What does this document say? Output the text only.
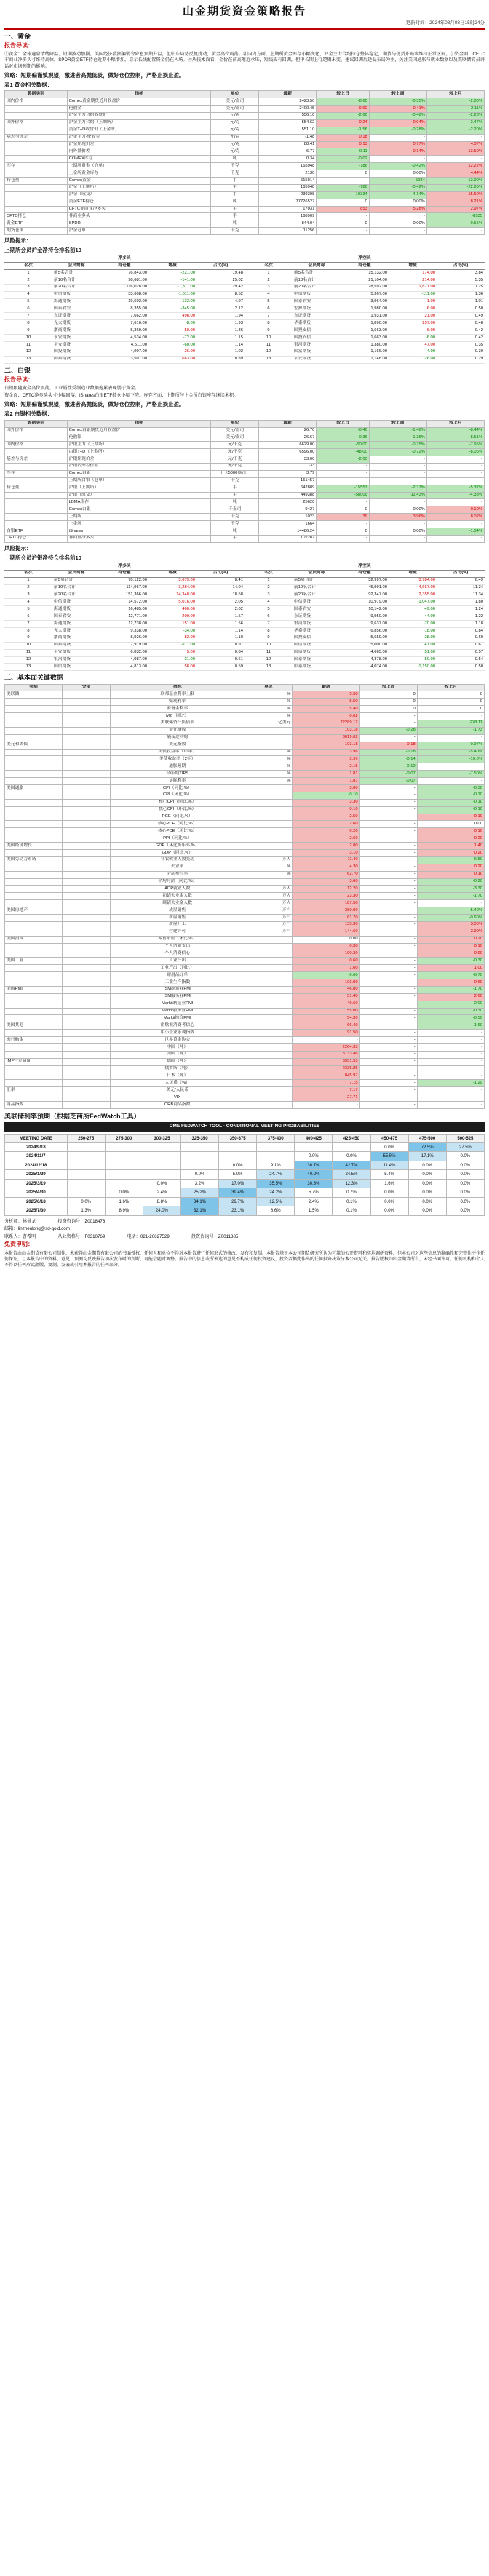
山金期货资金策略报告
更新时间：2024年08月08日15时24分
一、黄金
报告导读：
①黄金：全球避险情绪降温，短期波动加剧。美国经济数据偏弱令降息预期升温，但中东局势反复扰动，黄金高位震荡。②国内方面，上期所黄金库存小幅变化，沪金主力合约持仓整体稳定，期货与现货升贴水维持正常区间。③资金面：CFTC非商业净多头寸维持高位，SPDR黄金ETF持仓近期小幅增加，显示长线配置资金仍在入场。④从技术面看，金价在前高附近承压，短线或有回调，但中长期上行逻辑未变，建议回调后逢低布局为主，关注美国通胀与就业数据以及美联储官员讲话对市场预期的影响。
策略：短期偏谨慎观望，激进者高抛低吸，做好仓位控制，严格止损止盈。
表1 黄金相关数据：
数据类别	指标	单位	最新	较上日	较上周	较上月
国内价格	Comex黄金期货近月收盘价	美元/盎司	2423.50	-8.60	-0.35%	-2.80%
	伦敦金	美元/盎司	2400.45	9.90	0.41%	-2.11%
	沪金主力合约收盘价	元/克	556.10	-2.66	-0.48%	-2.23%
国外价格	沪金主力合约（上期所）	元/克	554.62	0.24	0.04%	-2.47%
	黄金T+D收盘价（上金所）	元/克	551.10	-1.56	-0.28%	-2.20%
基差与价差	沪金主力-伦敦金	元/克	-1.48	0.18	-	-
	沪金期现价差	元/克	88.41	0.13	0.77%	4.07%
	内外盘价差	元/克	6.77	-0.11	0.14%	13.50%
	COMEX库存	吨	0.34	-0.02	-	-
库存	上期所黄金（仓单）	千克	165948	-786	-0.42%	12.22%
	上金所黄金库存	千克	2130	0	0.00%	4.44%
持仓量	Comex黄金	手	515914	-	-5934	-12.99%
	沪金（上期所）	手	165948	-786	-0.42%	-22.85%
	沪金（成交）	手	239398	-10334	-4.14%	15.50%
	黄金ETF持仓	吨	77726527	0	0.00%	8.21%
	CFTC非商业净多头	手	17031	853	5.28%	2.97%
CFTC持仓	非商业多头	手	168909	-	-	-8535
黄金ETF	SPDR	吨	844.04	0	0.00%	-0.55%
期货仓单	沪金仓单	千克	11256	-	-	-
风险提示：
上期所会员沪金净持仓排名前10
净多头					净空头				
名次	会员简称	持仓量	增减	占比(%)	名次	会员简称	持仓量	增减	占比(%)
1	前5名合计	76,843.00	-221.00	19.48	1	前5名合计	15,132.00	174.00	3.84
2	前10名合计	98,681.00	-141.00	25.02	2	前10名合计	21,104.00	214.00	5.35
3	前20名合计	116,028.00	-1,311.00	29.42	3	前20名合计	28,592.00	1,871.00	7.25
4	中信期货	33,608.00	-1,011.00	8.52	4	中信期货	5,367.00	-111.00	1.36
5	海通期货	19,602.00	-133.00	4.97	5	国泰君安	3,964.00	1.00	1.01
6	国泰君安	8,355.00	-345.00	2.12	6	宏源期货	1,980.00	6.00	0.50
7	东证期货	7,662.00	498.00	1.94	7	东证期货	1,931.00	21.00	0.49
8	光大期货	7,616.00	-8.00	1.93	8	华泰期货	1,890.00	257.00	0.48
9	浙商期货	5,369.00	50.00	1.36	9	国投安信	1,663.00	6.00	0.42
10	永安期货	4,534.00	-72.00	1.15	10	国投安信	1,663.00	-6.00	0.42
11	平安期货	4,511.00	-60.00	1.14	11	银河期货	1,380.00	47.00	0.35
12	国投期货	4,007.00	26.00	1.02	12	国富期货	1,166.00	-4.00	0.30
13	国泰期货	3,507.00	663.00	0.89	13	平安期货	1,148.00	-26.00	0.29
二、白银
报告导读：
白银跟随黄金高位震荡，工业属性受制造业数据拖累表现弱于黄金。
资金面，CFTC净多头头寸小幅回落，iShares白银ETF持仓小幅下降。库存方面，上期所与上金所白银库存继续累积。
策略：短期偏谨慎观望，激进者高抛低吸，做好仓位控制，严格止损止盈。
表2 白银相关数据：
数据类别	指标	单位	最新	较上日	较上周	较上月
国外价格	Comex白银期货近月收盘价	美元/盎司	26.70	-0.40	-1.48%	-8.44%
	伦敦银	美元/盎司	26.67	-0.36	-1.35%	-8.51%
国内价格	沪银主力（上期所）	元/千克	6629.00	-50.00	-0.75%	-7.95%
	白银T+D（上金所）	元/千克	6596.00	-48.00	-0.72%	-8.06%
基差与价差	沪银期现价差	元/千克	33.00	-2.00	-	-
	沪银内外盘价差	元/千克	-33	-	-	-
库存	Comex白银	千（5000盎司）	3.79	-	-	-
	上期所白银（仓单）	千克	151457	-	-	-
持仓量	沪银（上期所）	手	642889	-15557	-2.37%	-5.37%
	沪银（成交）	手	449388	-58006	-11.43%	-4.38%
	LBMA库存	吨	25620	-	-	-
	Comex白银	千盎司	9427	0	0.00%	0.10%
	上期所	千克	1023	39	3.96%	8.02%
	上金所	千克	1664	-	-	-
白银ETF	iShares	吨	14486.24	0	0.00%	-1.54%
CFTC持仓	非商业净多头	手	102287	-	-	-
风险提示：
上期所会员沪银净持仓排名前10
净多头					净空头				
名次	会员简称	持仓量	增减	占比(%)	名次	会员简称	持仓量	增减	占比(%)
1	前5名合计	70,122.00	3,679.00	8.41	1	前5名合计	32,997.00	3,784.00	6.49
2	前10名合计	114,967.00	3,284.00	14.04	2	前10名合计	45,991.00	4,667.00	11.34
3	前20名合计	151,366.00	14,348.00	18.58	3	前20名合计	92,347.00	2,355.00	11.34
4	中信期货	14,572.00	5,016.00	2.05	4	中信期货	10,979.00	-1,047.00	1.80
5	海通期货	16,485.00	460.00	2.02	5	国泰君安	10,142.00	-49.00	1.24
6	国泰君安	12,771.00	209.00	1.57	6	东证期货	9,950.00	-44.00	1.22
7	海通期货	12,738.00	151.00	1.56	7	银河期货	9,637.00	-70.00	1.18
8	光大期货	9,338.00	-34.00	1.14	8	华泰期货	6,856.00	-18.00	0.84
9	浙商期货	8,926.00	82.00	1.10	9	国投安信	5,659.00	-28.00	0.69
10	国泰期货	7,919.00	-111.00	0.97	10	国信期货	5,000.00	-41.00	0.61
11	平安期货	6,832.00	5.00	0.84	11	国富期货	4,665.00	-51.00	0.57
12	银河期货	4,987.00	-21.00	0.61	12	国泰期货	4,378.00	-50.00	0.54
13	国信期货	4,813.00	58.00	0.59	13	中泰期货	4,074.00	-1,150.00	0.50
三、基本面关键数据
类别	分项	指标	单位	最新	较上周	较上月
美联储		联邦基金利率上限	%	5.50	0	0
		贴现利率	%	5.50	0	0
		准备金利率	%	5.40	0	0
		M2（同比）	%	0.62	-	-
		美联储资产负债表	亿美元	72289.12	-	-278.11
		美元指数		103.18	-0.28	-1.73
		隔夜逆回购		3019.02	-	-
美元和美债		美元指数		103.18	0.18	-0.97%
		美债收益率（10年）	%	3.96	-0.18	-5.40%
		美债收益率（2年）	%	3.99	-0.14	-10.0%
		通胀预期	%	2.15	-0.12	-
		10年期TIPS	%	1.81	-0.07	-7.50%
		实际利率	%	1.81	-0.07	-
美国通胀		CPI（同比,%）		3.00	-	-0.30
		CPI（环比,%）		-0.10	-	-0.10
		核心CPI（同比,%）		3.30	-	-0.10
		核心CPI（环比,%）		0.10	-	-0.10
		PCE（同比,%）		2.50	-	0.10
		核心PCE（同比,%）		2.60	-	0.00
		核心PCE（环比,%）		0.20	-	0.10
		PPI（同比,%）		2.60	-	0.20
美国经济增长		GDP（环比折年率,%）		2.80	-	1.40
		GDP（同比,%）		3.10	-	0.20
美国劳动力市场		非农就业人数变动	万人	11.40	-	-6.50
		失业率	%	4.30	-	0.20
		劳动参与率	%	62.70	-	0.10
		平均时薪（同比,%）		3.60	-	-0.20
		ADP就业人数	万人	12.20	-	-3.30
		初请失业金人数	万人	23.30	-	-1.70
		续请失业金人数	万人	187.50	-	-
美国房地产		成屋销售	万户	389.00	-	-5.40%
		新屋销售	万户	61.70	-	-0.60%
		新屋开工	万户	135.30	-	3.00%
		营建许可	万户	144.60	-	3.90%
美国消费		零售销售（环比,%）		0.00	-	0.20
		个人消费支出		0.30	-	0.10
		个人消费信心		100.30	-	0.90
美国工业		工业产出		0.60	-	-0.30
		工业产出（同比）		1.60	-	1.00
		耐用品订单		-6.60	-	-6.70
		工业生产指数		103.90	-	0.60
美国PMI		ISM制造业PMI		46.80	-	-1.70
		ISM服务业PMI		51.40	-	2.60
		Markit制造业PMI		49.60	-	-2.00
		Markit服务业PMI		55.00	-	-0.30
		Markit综合PMI		54.30	-	-0.50
美国其他		密歇根消费者信心		66.40	-	-1.60
		中小企业乐观指数		91.50	-	-
央行购金		世界黄金协会		-	-	-
		中国（吨）		2264.33	-	-
		美国（吨）		8133.46	-	-
IMF官方储备		德国（吨）		3351.53	-	-
		俄罗斯（吨）		2335.85	-	-
		日本（吨）		845.97	-	-
		人民币（%）		7.15	-	-1.29
汇率		美元/人民币		7.17	-	-
		VIX		27.71	-	-
商品指数		CRB商品指数		-	-	-
美联储利率预期（根据芝商所FedWatch工具）
CME FEDWATCH TOOL - CONDITIONAL MEETING PROBABILITIES
MEETING DATE	250-275	275-300	300-325	325-350	350-375	375-400	400-425	425-450	450-475	475-500	500-525
2024/9/18									0.0%	72.5%	27.5%
2024/11/7							0.0%	0.0%	55.5%	17.1%	0.0%
2024/12/18					0.0%	9.1%	36.7%	42.7%	11.4%	0.0%	0.0%
2025/1/29				0.0%	5.0%	24.7%	40.2%	24.5%	5.4%	0.0%	0.0%
2025/3/19			0.0%	3.2%	17.0%	35.5%	30.3%	12.3%	1.6%	0.0%	0.0%
2025/4/30		0.0%	2.4%	25.2%	39.4%	24.2%	5.7%	0.7%	0.0%	0.0%	0.0%
2025/6/18	0.0%	1.6%	8.8%	34.1%	29.7%	12.5%	2.4%	0.1%	0.0%	0.0%	0.0%
2025/7/30	1.3%	8.9%	24.0%	32.1%	23.1%	8.6%	1.5%	0.1%	0.0%	0.0%	0.0%
分析师：林景龙	投资咨询号：Z0018476
邮箱：linzhenlong@sd-gold.com
联系人：曹希明	从业资格号：F0310769	电话：021-20627529	投资咨询号：Z0011385
免责申明：
本报告由山金期货有限公司制作，未获得山金期货有限公司的书面授权，任何人和单位不得对本报告进行任何形式的修改、发布和复制。本报告基于本公司期货研究所认为可靠的公开资料和实地调研资料，但本公司对这些信息的准确性和完整性不作任何保证，且本报告中的资料、意见、预测均反映报告初次发布时的判断，可能会随时调整。报告中的信息或所表达的意见不构成任何投资建议，投资者据此作出的任何投资决策与本公司无关。报告版权归山金期货所有，未经书面许可，任何机构和个人不得以任何形式翻版、复制、发表或引用本报告的任何部分。
